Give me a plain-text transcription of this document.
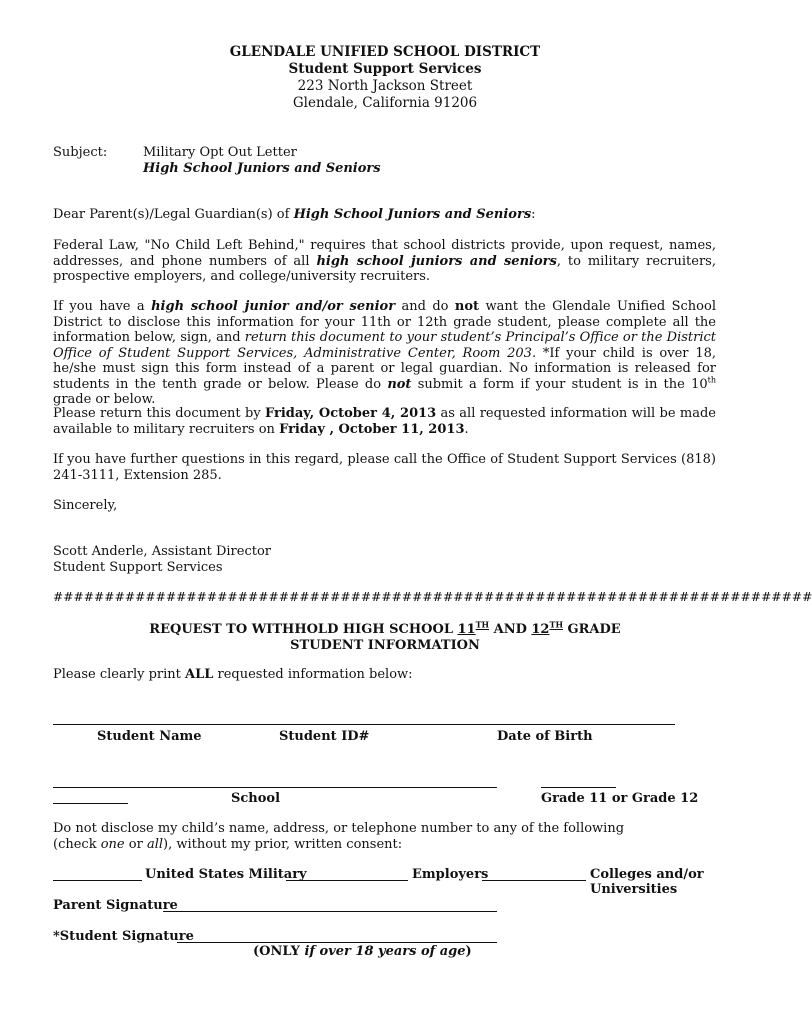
GLENDALE UNIFIED SCHOOL DISTRICT
Student Support Services
223 North Jackson Street
Glendale, California 91206
Subject:	Military Opt Out Letter
High School Juniors and Seniors
Dear Parent(s)/Legal Guardian(s) of High School Juniors and Seniors:
Federal Law, "No Child Left Behind," requires that school districts provide, upon request, names, addresses, and phone numbers of all high school juniors and seniors, to military recruiters, prospective employers, and college/university recruiters.
If you have a high school junior and/or senior and do not want the Glendale Unified School District to disclose this information for your 11th or 12th grade student, please complete all the information below, sign, and return this document to your student’s Principal’s Office or the District Office of Student Support Services, Administrative Center, Room 203. *If your child is over 18, he/she must sign this form instead of a parent or legal guardian. No information is released for students in the tenth grade or below. Please do not submit a form if your student is in the 10th grade or below.
Please return this document by Friday, October 4, 2013 as all requested information will be made available to military recruiters on Friday , October 11, 2013.
If you have further questions in this regard, please call the Office of Student Support Services (818) 241-3111, Extension 285.
Sincerely,
Scott Anderle, Assistant Director
Student Support Services
##########################################################################
REQUEST TO WITHHOLD HIGH SCHOOL 11TH AND 12TH GRADE
STUDENT INFORMATION
Please clearly print ALL requested information below:
Student Name	Student ID#	Date of Birth
School	Grade 11 or Grade 12
Do not disclose my child’s name, address, or telephone number to any of the following
(check one or all), without my prior, written consent:
United States Military	Employers	Colleges and/or
Universities
Parent Signature
*Student Signature
(ONLY if over 18 years of age)
